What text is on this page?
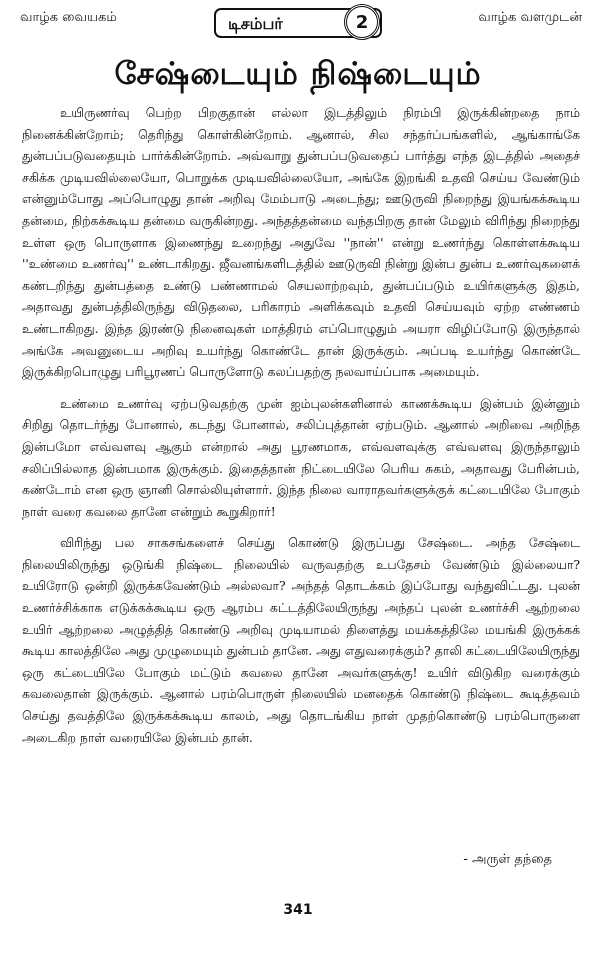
வாழ்க வையகம்	டிசம்பர்	2	வாழ்க வளமுடன்
சேஷ்டையும் நிஷ்டையும்

உயிருணர்வு பெற்ற பிறகுதான் எல்லா இடத்திலும் நிரம்பி இருக்கின்றதை நாம் நினைக்கின்றோம்; தெரிந்து கொள்கின்றோம். ஆனால், சில சந்தர்ப்பங்களில், ஆங்காங்கே துன்பப்படுவதையும் பார்க்கின்றோம். அவ்வாறு துன்பப்படுவதைப் பார்த்து எந்த இடத்தில் அதைச் சகிக்க முடியவில்லையோ, பொறுக்க முடியவில்லையோ, அங்கே இறங்கி உதவி செய்ய வேண்டும் என்னும்போது அப்பொழுது தான் அறிவு மேம்பாடு அடைந்து; ஊடுருவி நிறைந்து இயங்கக்கூடிய தன்மை, நிற்கக்கூடிய தன்மை வருகின்றது. அந்தத்தன்மை வந்தபிறகு தான் மேலும் விரிந்து நிறைந்து உள்ள ஒரு பொருளாக இணைந்து உறைந்து அதுவே ''நான்'' என்று உணர்ந்து கொள்ளக்கூடிய ''உண்மை உணர்வு'' உண்டாகிறது. ஜீவனங்களிடத்தில் ஊடுருவி நின்று இன்ப துன்ப உணர்வுகளைக் கண்டறிந்து துன்பத்தை உண்டு பண்ணாமல் செயலாற்றவும், துன்பப்படும் உயிர்களுக்கு இதம், அதாவது துன்பத்திலிருந்து விடுதலை, பரிகாரம் அளிக்கவும் உதவி செய்யவும் ஏற்ற எண்ணம் உண்டாகிறது. இந்த இரண்டு நினைவுகள் மாத்திரம் எப்பொழுதும் அயரா விழிப்போடு இருந்தால் அங்கே அவனுடைய அறிவு உயர்ந்து கொண்டே தான் இருக்கும். அப்படி உயர்ந்து கொண்டே இருக்கிறபொழுது பரிபூரணப் பொருளோடு கலப்பதற்கு நலவாய்ப்பாக அமையும்.

உண்மை உணர்வு ஏற்படுவதற்கு முன் ஐம்புலன்களினால் காணக்கூடிய இன்பம் இன்னும் சிறிது தொடர்ந்து போனால், கடந்து போனால், சலிப்புத்தான் ஏற்படும். ஆனால் அறிவை அறிந்த இன்பமோ எவ்வளவு ஆகும் என்றால் அது பூரணமாக, எவ்வளவுக்கு எவ்வளவு இருந்தாலும் சலிப்பில்லாத இன்பமாக இருக்கும். இதைத்தான் நிட்டையிலே பெரிய சுகம், அதாவது பேரின்பம், கண்டோம் என ஒரு ஞானி சொல்லியுள்ளார். இந்த நிலை வாராதவர்களுக்குக் கட்டையிலே போகும் நாள் வரை கவலை தானே என்றும் கூறுகிறார்!

விரிந்து பல சாகசங்களைச் செய்து கொண்டு இருப்பது சேஷ்டை. அந்த சேஷ்டை நிலையிலிருந்து ஒடுங்கி நிஷ்டை நிலையில் வருவதற்கு உபதேசம் வேண்டும் இல்லையா? உயிரோடு ஒன்றி இருக்கவேண்டும் அல்லவா? அந்தத் தொடக்கம் இப்போது வந்துவிட்டது. புலன் உணர்ச்சிக்காக எடுக்கக்கூடிய ஒரு ஆரம்ப கட்டத்திலேயிருந்து அந்தப் புலன் உணர்ச்சி ஆற்றலை உயிர் ஆற்றலை அழுத்தித் கொண்டு அறிவு முடியாமல் திளைத்து மயக்கத்திலே மயங்கி இருக்கக் கூடிய காலத்திலே அது முழுமையும் துன்பம் தானே. அது எதுவரைக்கும்? தாலி கட்டையிலேயிருந்து ஒரு கட்டையிலே போகும் மட்டும் கவலை தானே அவர்களுக்கு! உயிர் விடுகிற வரைக்கும் கவலைதான் இருக்கும். ஆனால் பரம்பொருள் நிலையில் மனதைக் கொண்டு நிஷ்டை கூடித்தவம் செய்து தவத்திலே இருக்கக்கூடிய காலம், அது தொடங்கிய நாள் முதற்கொண்டு பரம்பொருளை அடைகிற நாள் வரையிலே இன்பம் தான்.

- அருள் தந்தை
341
